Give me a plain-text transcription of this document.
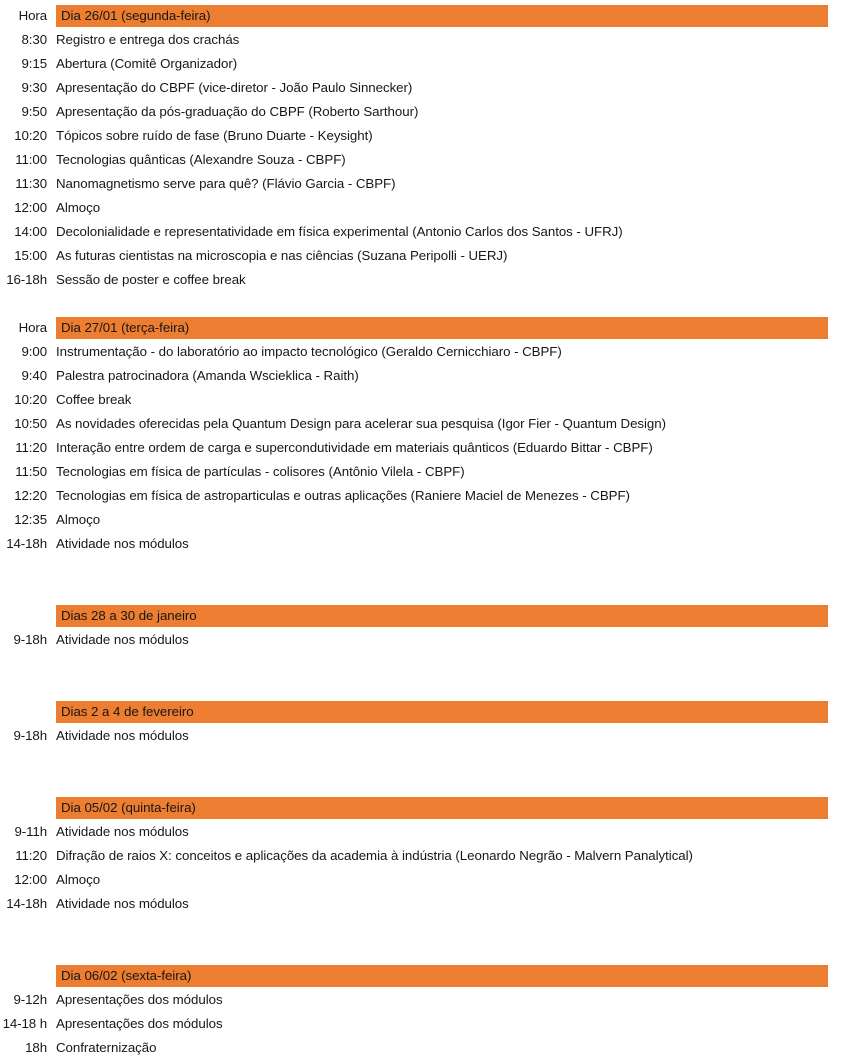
Hora	Dia 26/01 (segunda-feira)
8:30 Registro e entrega dos crachás
9:15 Abertura (Comitê Organizador)
9:30 Apresentação do CBPF (vice-diretor - João Paulo Sinnecker)
9:50 Apresentação da pós-graduação do CBPF (Roberto Sarthour)
10:20 Tópicos sobre ruído de fase (Bruno Duarte - Keysight)
11:00 Tecnologias quânticas (Alexandre Souza - CBPF)
11:30 Nanomagnetismo serve para quê? (Flávio Garcia - CBPF)
12:00 Almoço
14:00 Decolonialidade e representatividade em física experimental (Antonio Carlos dos Santos - UFRJ)
15:00 As futuras cientistas na microscopia e nas ciências (Suzana Peripolli - UERJ)
16-18h Sessão de poster e coffee break
Hora	Dia 27/01 (terça-feira)
9:00 Instrumentação - do laboratório ao impacto tecnológico (Geraldo Cernicchiaro - CBPF)
9:40 Palestra patrocinadora (Amanda Wscieklica - Raith)
10:20 Coffee break
10:50 As novidades oferecidas pela Quantum Design para acelerar sua pesquisa (Igor Fier - Quantum Design)
11:20 Interação entre ordem de carga e supercondutividade em materiais quânticos (Eduardo Bittar - CBPF)
11:50 Tecnologias em física de partículas - colisores (Antônio Vilela - CBPF)
12:20 Tecnologias em física de astroparticulas e outras aplicações (Raniere Maciel de Menezes - CBPF)
12:35 Almoço
14-18h Atividade nos módulos
Dias 28 a 30 de janeiro
9-18h Atividade nos módulos
Dias 2 a 4 de fevereiro
9-18h Atividade nos módulos
Dia 05/02 (quinta-feira)
9-11h Atividade nos módulos
11:20 Difração de raios X: conceitos e aplicações da academia à indústria (Leonardo Negrão - Malvern Panalytical)
12:00 Almoço
14-18h Atividade nos módulos
Dia 06/02 (sexta-feira)
9-12h Apresentações dos módulos
14-18 h Apresentações dos módulos
18h Confraternização
